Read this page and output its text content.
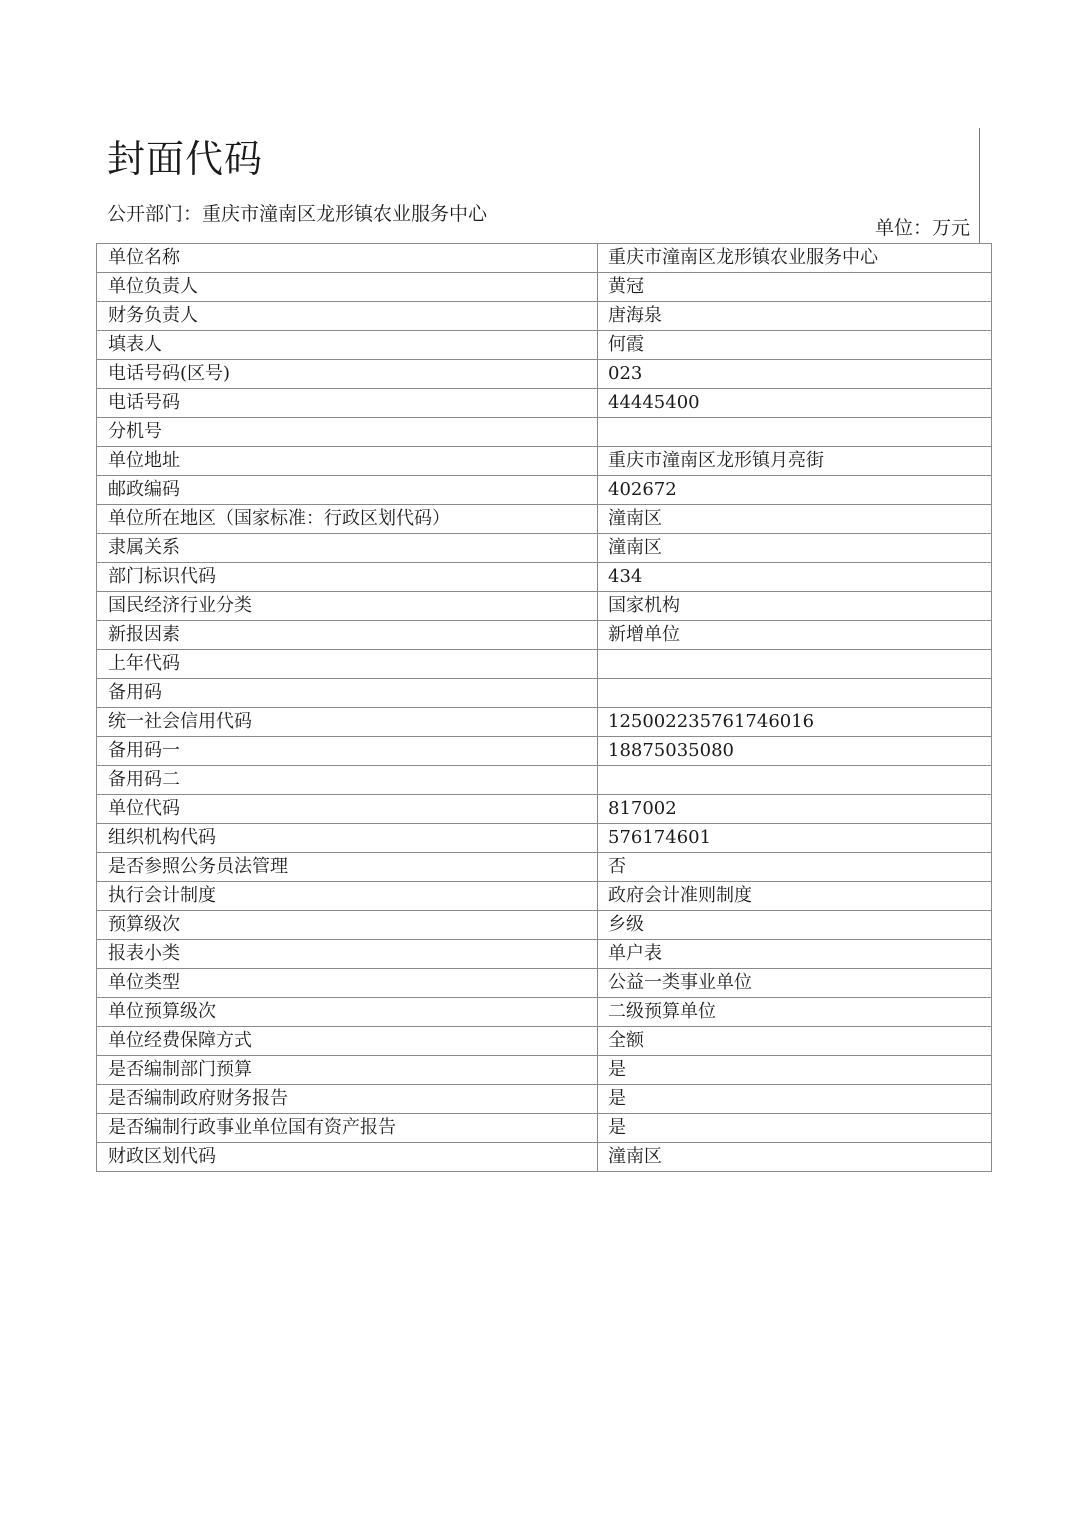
封面代码
公开部门：重庆市潼南区龙形镇农业服务中心
单位：万元
单位名称	重庆市潼南区龙形镇农业服务中心
单位负责人	黄冠
财务负责人	唐海泉
填表人	何霞
电话号码(区号)	023
电话号码	44445400
分机号	
单位地址	重庆市潼南区龙形镇月亮街
邮政编码	402672
单位所在地区（国家标准：行政区划代码）	潼南区
隶属关系	潼南区
部门标识代码	434
国民经济行业分类	国家机构
新报因素	新增单位
上年代码	
备用码	
统一社会信用代码	125002235761746016
备用码一	18875035080
备用码二	
单位代码	817002
组织机构代码	576174601
是否参照公务员法管理	否
执行会计制度	政府会计准则制度
预算级次	乡级
报表小类	单户表
单位类型	公益一类事业单位
单位预算级次	二级预算单位
单位经费保障方式	全额
是否编制部门预算	是
是否编制政府财务报告	是
是否编制行政事业单位国有资产报告	是
财政区划代码	潼南区
